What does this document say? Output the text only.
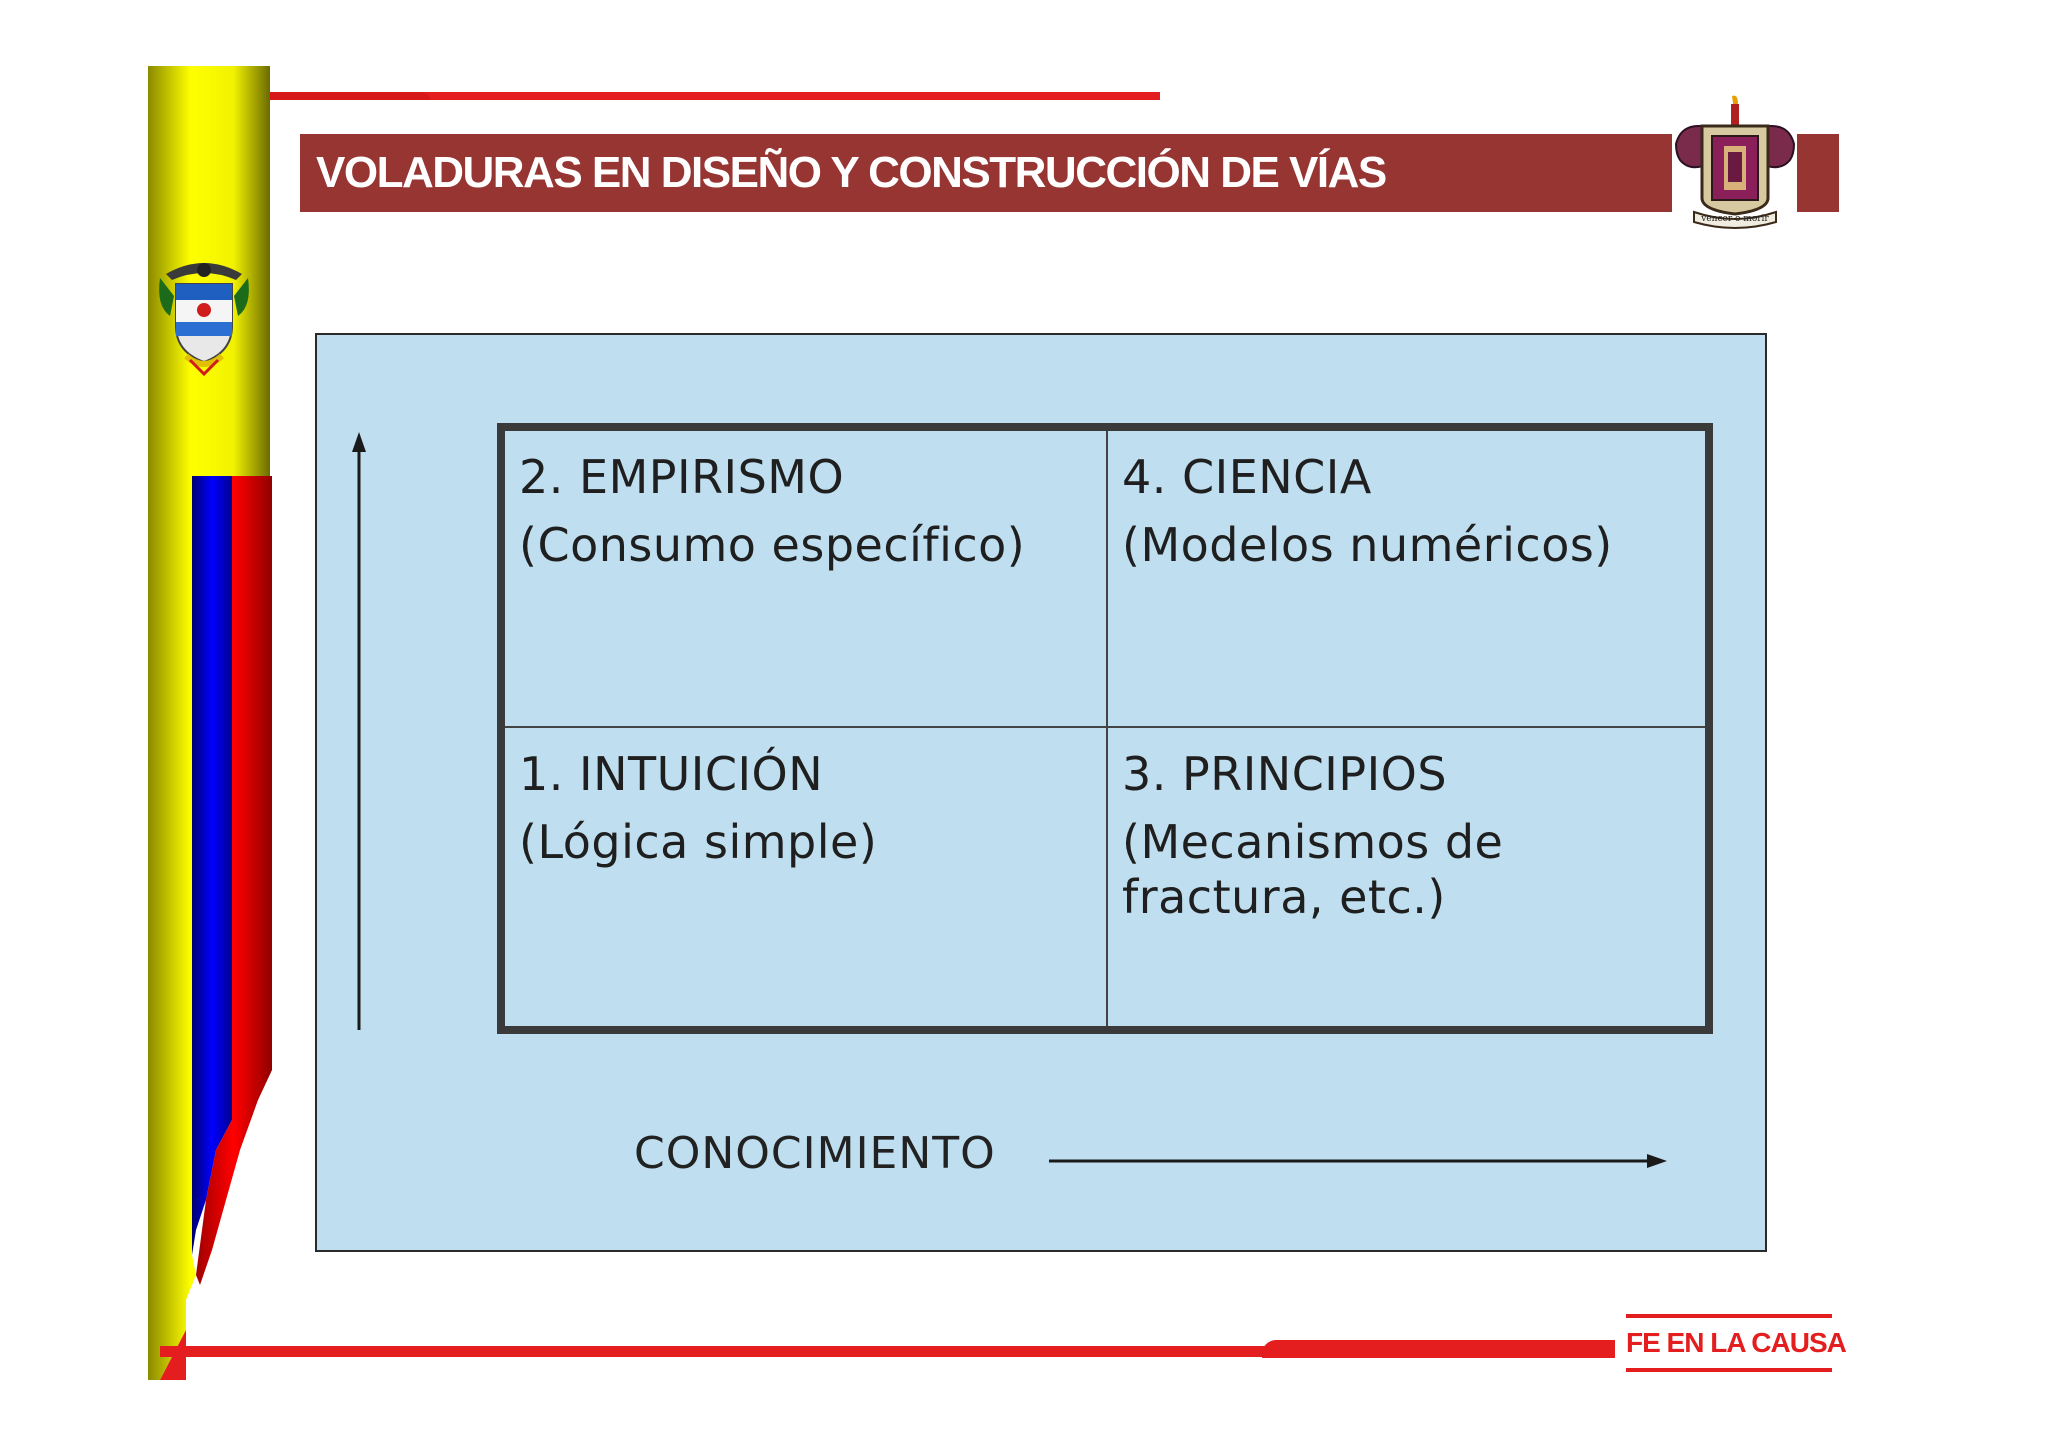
VOLADURAS EN DISEÑO Y CONSTRUCCIÓN DE VÍAS
vencer o morir
2. EMPIRISMO
(Consumo específico)
4. CIENCIA
(Modelos numéricos)
1. INTUICIÓN
(Lógica simple)
3. PRINCIPIOS
(Mecanismos de fractura, etc.)
CONOCIMIENTO
FE EN LA CAUSA
